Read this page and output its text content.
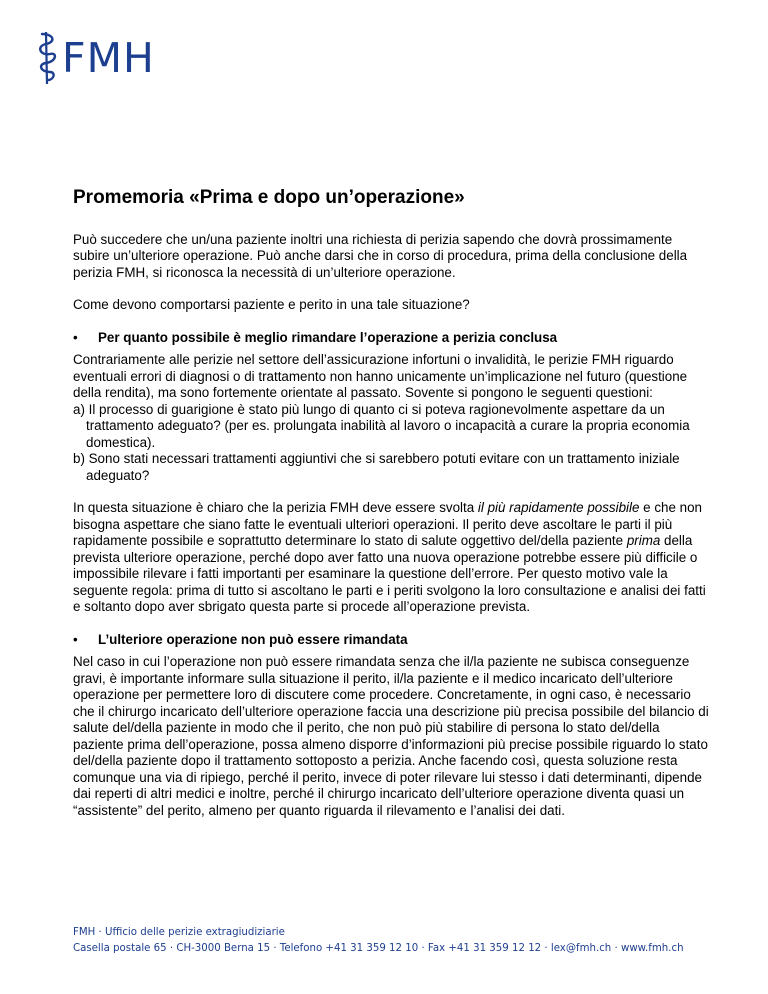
FMH
Promemoria «Prima e dopo un’operazione»

Può succedere che un/una paziente inoltri una richiesta di perizia sapendo che dovrà prossimamente subire un’ulteriore operazione. Può anche darsi che in corso di procedura, prima della conclusione della perizia FMH, si riconosca la necessità di un’ulteriore operazione.

Come devono comportarsi paziente e perito in una tale situazione?

•	Per quanto possibile è meglio rimandare l’operazione a perizia conclusa

Contrariamente alle perizie nel settore dell’assicurazione infortuni o invalidità, le perizie FMH riguardo eventuali errori di diagnosi o di trattamento non hanno unicamente un’implicazione nel futuro (questione della rendita), ma sono fortemente orientate al passato. Sovente si pongono le seguenti questioni:

a) Il processo di guarigione è stato più lungo di quanto ci si poteva ragionevolmente aspettare da un trattamento adeguato? (per es. prolungata inabilità al lavoro o incapacità a curare la propria economia domestica).
b) Sono stati necessari trattamenti aggiuntivi che si sarebbero potuti evitare con un trattamento iniziale adeguato?

In questa situazione è chiaro che la perizia FMH deve essere svolta il più rapidamente possibile e che non bisogna aspettare che siano fatte le eventuali ulteriori operazioni. Il perito deve ascoltare le parti il più rapidamente possibile e soprattutto determinare lo stato di salute oggettivo del/della paziente prima della prevista ulteriore operazione, perché dopo aver fatto una nuova operazione potrebbe essere più difficile o impossibile rilevare i fatti importanti per esaminare la questione dell’errore. Per questo motivo vale la seguente regola: prima di tutto si ascoltano le parti e i periti svolgono la loro consultazione e analisi dei fatti e soltanto dopo aver sbrigato questa parte si procede all’operazione prevista.

•	L’ulteriore operazione non può essere rimandata

Nel caso in cui l’operazione non può essere rimandata senza che il/la paziente ne subisca conseguenze gravi, è importante informare sulla situazione il perito, il/la paziente e il medico incaricato dell’ulteriore operazione per permettere loro di discutere come procedere. Concretamente, in ogni caso, è necessario che il chirurgo incaricato dell’ulteriore operazione faccia una descrizione più precisa possibile del bilancio di salute del/della paziente in modo che il perito, che non può più stabilire di persona lo stato del/della paziente prima dell’operazione, possa almeno disporre d’informazioni più precise possibile riguardo lo stato del/della paziente dopo il trattamento sottoposto a perizia. Anche facendo così, questa soluzione resta comunque una via di ripiego, perché il perito, invece di poter rilevare lui stesso i dati determinanti, dipende dai reperti di altri medici e inoltre, perché il chirurgo incaricato dell’ulteriore operazione diventa quasi un “assistente” del perito, almeno per quanto riguarda il rilevamento e l’analisi dei dati.

FMH · Ufficio delle perizie extragiudiziarie
Casella postale 65 · CH-3000 Berna 15 · Telefono +41 31 359 12 10 · Fax +41 31 359 12 12 · lex@fmh.ch · www.fmh.ch
